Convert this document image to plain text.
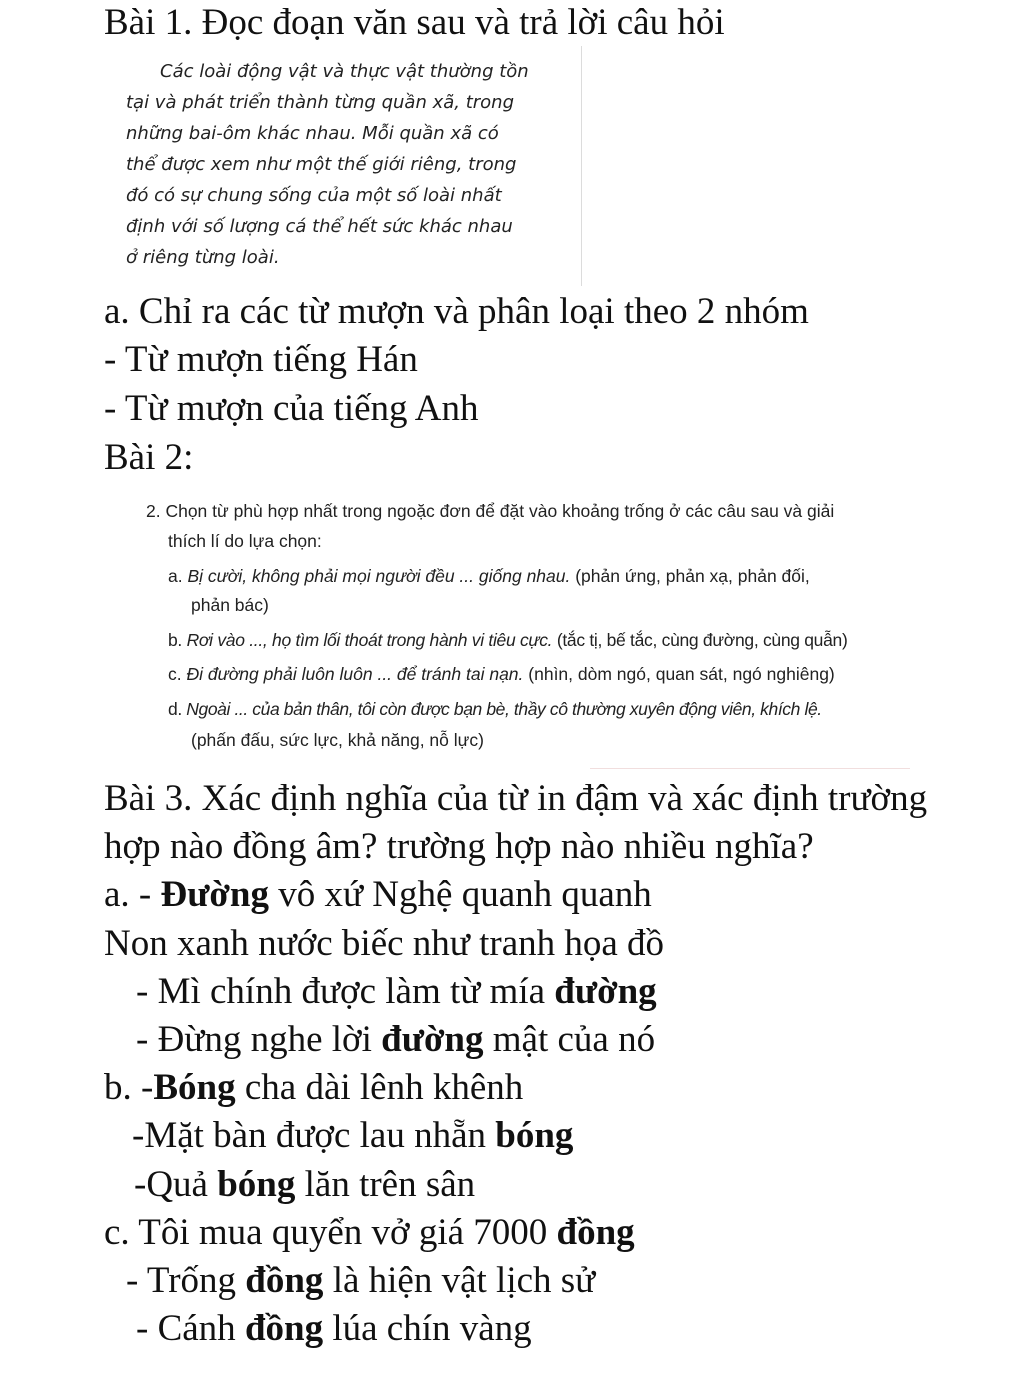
Bài 1. Đọc đoạn văn sau và trả lời câu hỏi
Các loài động vật và thực vật thường tồn
tại và phát triển thành từng quần xã, trong
những bai-ôm khác nhau. Mỗi quần xã có
thể được xem như một thế giới riêng, trong
đó có sự chung sống của một số loài nhất
định với số lượng cá thể hết sức khác nhau
ở riêng từng loài.
a. Chỉ ra các từ mượn và phân loại theo 2 nhóm
- Từ mượn tiếng Hán
- Từ mượn của tiếng Anh
Bài 2:
2. Chọn từ phù hợp nhất trong ngoặc đơn để đặt vào khoảng trống ở các câu sau và giải
thích lí do lựa chọn:
a. Bị cười, không phải mọi người đều ... giống nhau. (phản ứng, phản xạ, phản đối,
phản bác)
b. Rơi vào ..., họ tìm lối thoát trong hành vi tiêu cực. (tắc tị, bế tắc, cùng đường, cùng quẫn)
c. Đi đường phải luôn luôn ... để tránh tai nạn. (nhìn, dòm ngó, quan sát, ngó nghiêng)
d. Ngoài ... của bản thân, tôi còn được bạn bè, thầy cô thường xuyên động viên, khích lệ.
(phấn đấu, sức lực, khả năng, nỗ lực)
Bài 3. Xác định nghĩa của từ in đậm và xác định trường
hợp nào đồng âm? trường hợp nào nhiều nghĩa?
a. - Đường vô xứ Nghệ quanh quanh
Non xanh nước biếc như tranh họa đồ
- Mì chính được làm từ mía đường
- Đừng nghe lời đường mật của nó
b. -Bóng cha dài lênh khênh
-Mặt bàn được lau nhẵn bóng
-Quả bóng lăn trên sân
c. Tôi mua quyển vở giá 7000 đồng
- Trống đồng là hiện vật lịch sử
- Cánh đồng lúa chín vàng
